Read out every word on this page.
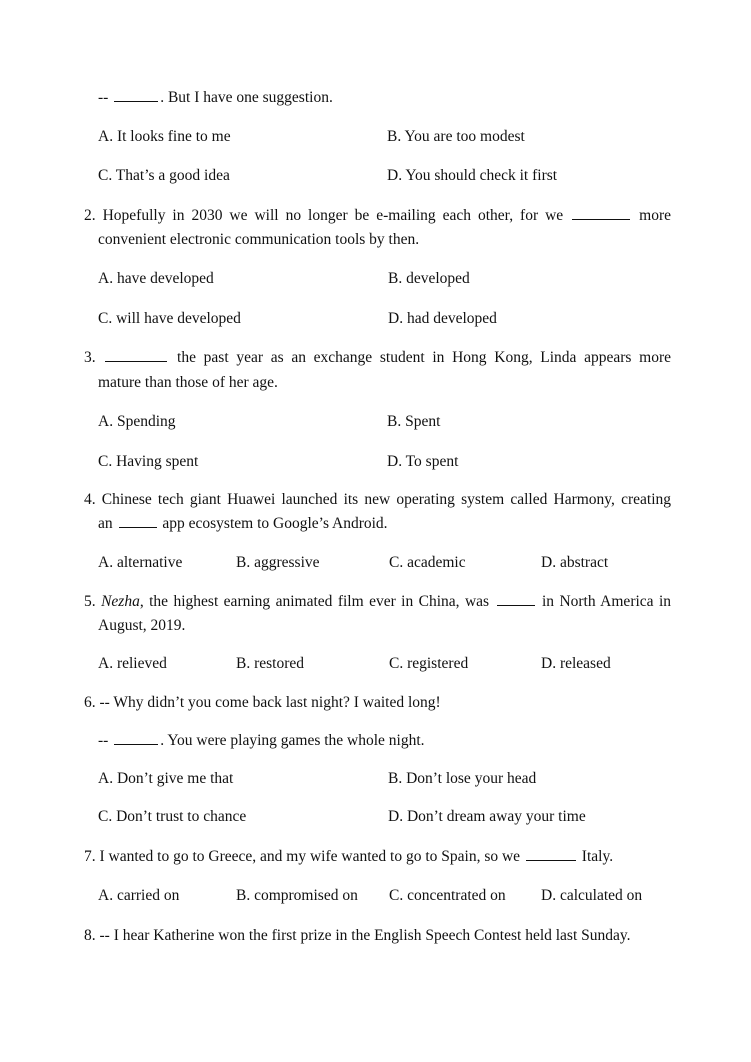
--	. But I have one suggestion.
A. It looks fine to me	B. You are too modest
C. That’s a good idea	D. You should check it first
2. Hopefully in 2030 we will no longer be e-mailing each other, for we	more
convenient electronic communication tools by then.
A. have developed	B. developed
C. will have developed	D. had developed
3.	the past year as an exchange student in Hong Kong, Linda appears more
mature than those of her age.
A. Spending	B. Spent
C. Having spent	D. To spent
4. Chinese tech giant Huawei launched its new operating system called Harmony, creating
an	app ecosystem to Google’s Android.
A. alternative	B. aggressive	C. academic	D. abstract
5. Nezha, the highest earning animated film ever in China, was	in North America in
August, 2019.
A. relieved	B. restored	C. registered	D. released
6. -- Why didn’t you come back last night? I waited long!
--	. You were playing games the whole night.
A. Don’t give me that	B. Don’t lose your head
C. Don’t trust to chance	D. Don’t dream away your time
7. I wanted to go to Greece, and my wife wanted to go to Spain, so we	Italy.
A. carried on	B. compromised on C. concentrated on D. calculated on
8. -- I hear Katherine won the first prize in the English Speech Contest held last Sunday.
